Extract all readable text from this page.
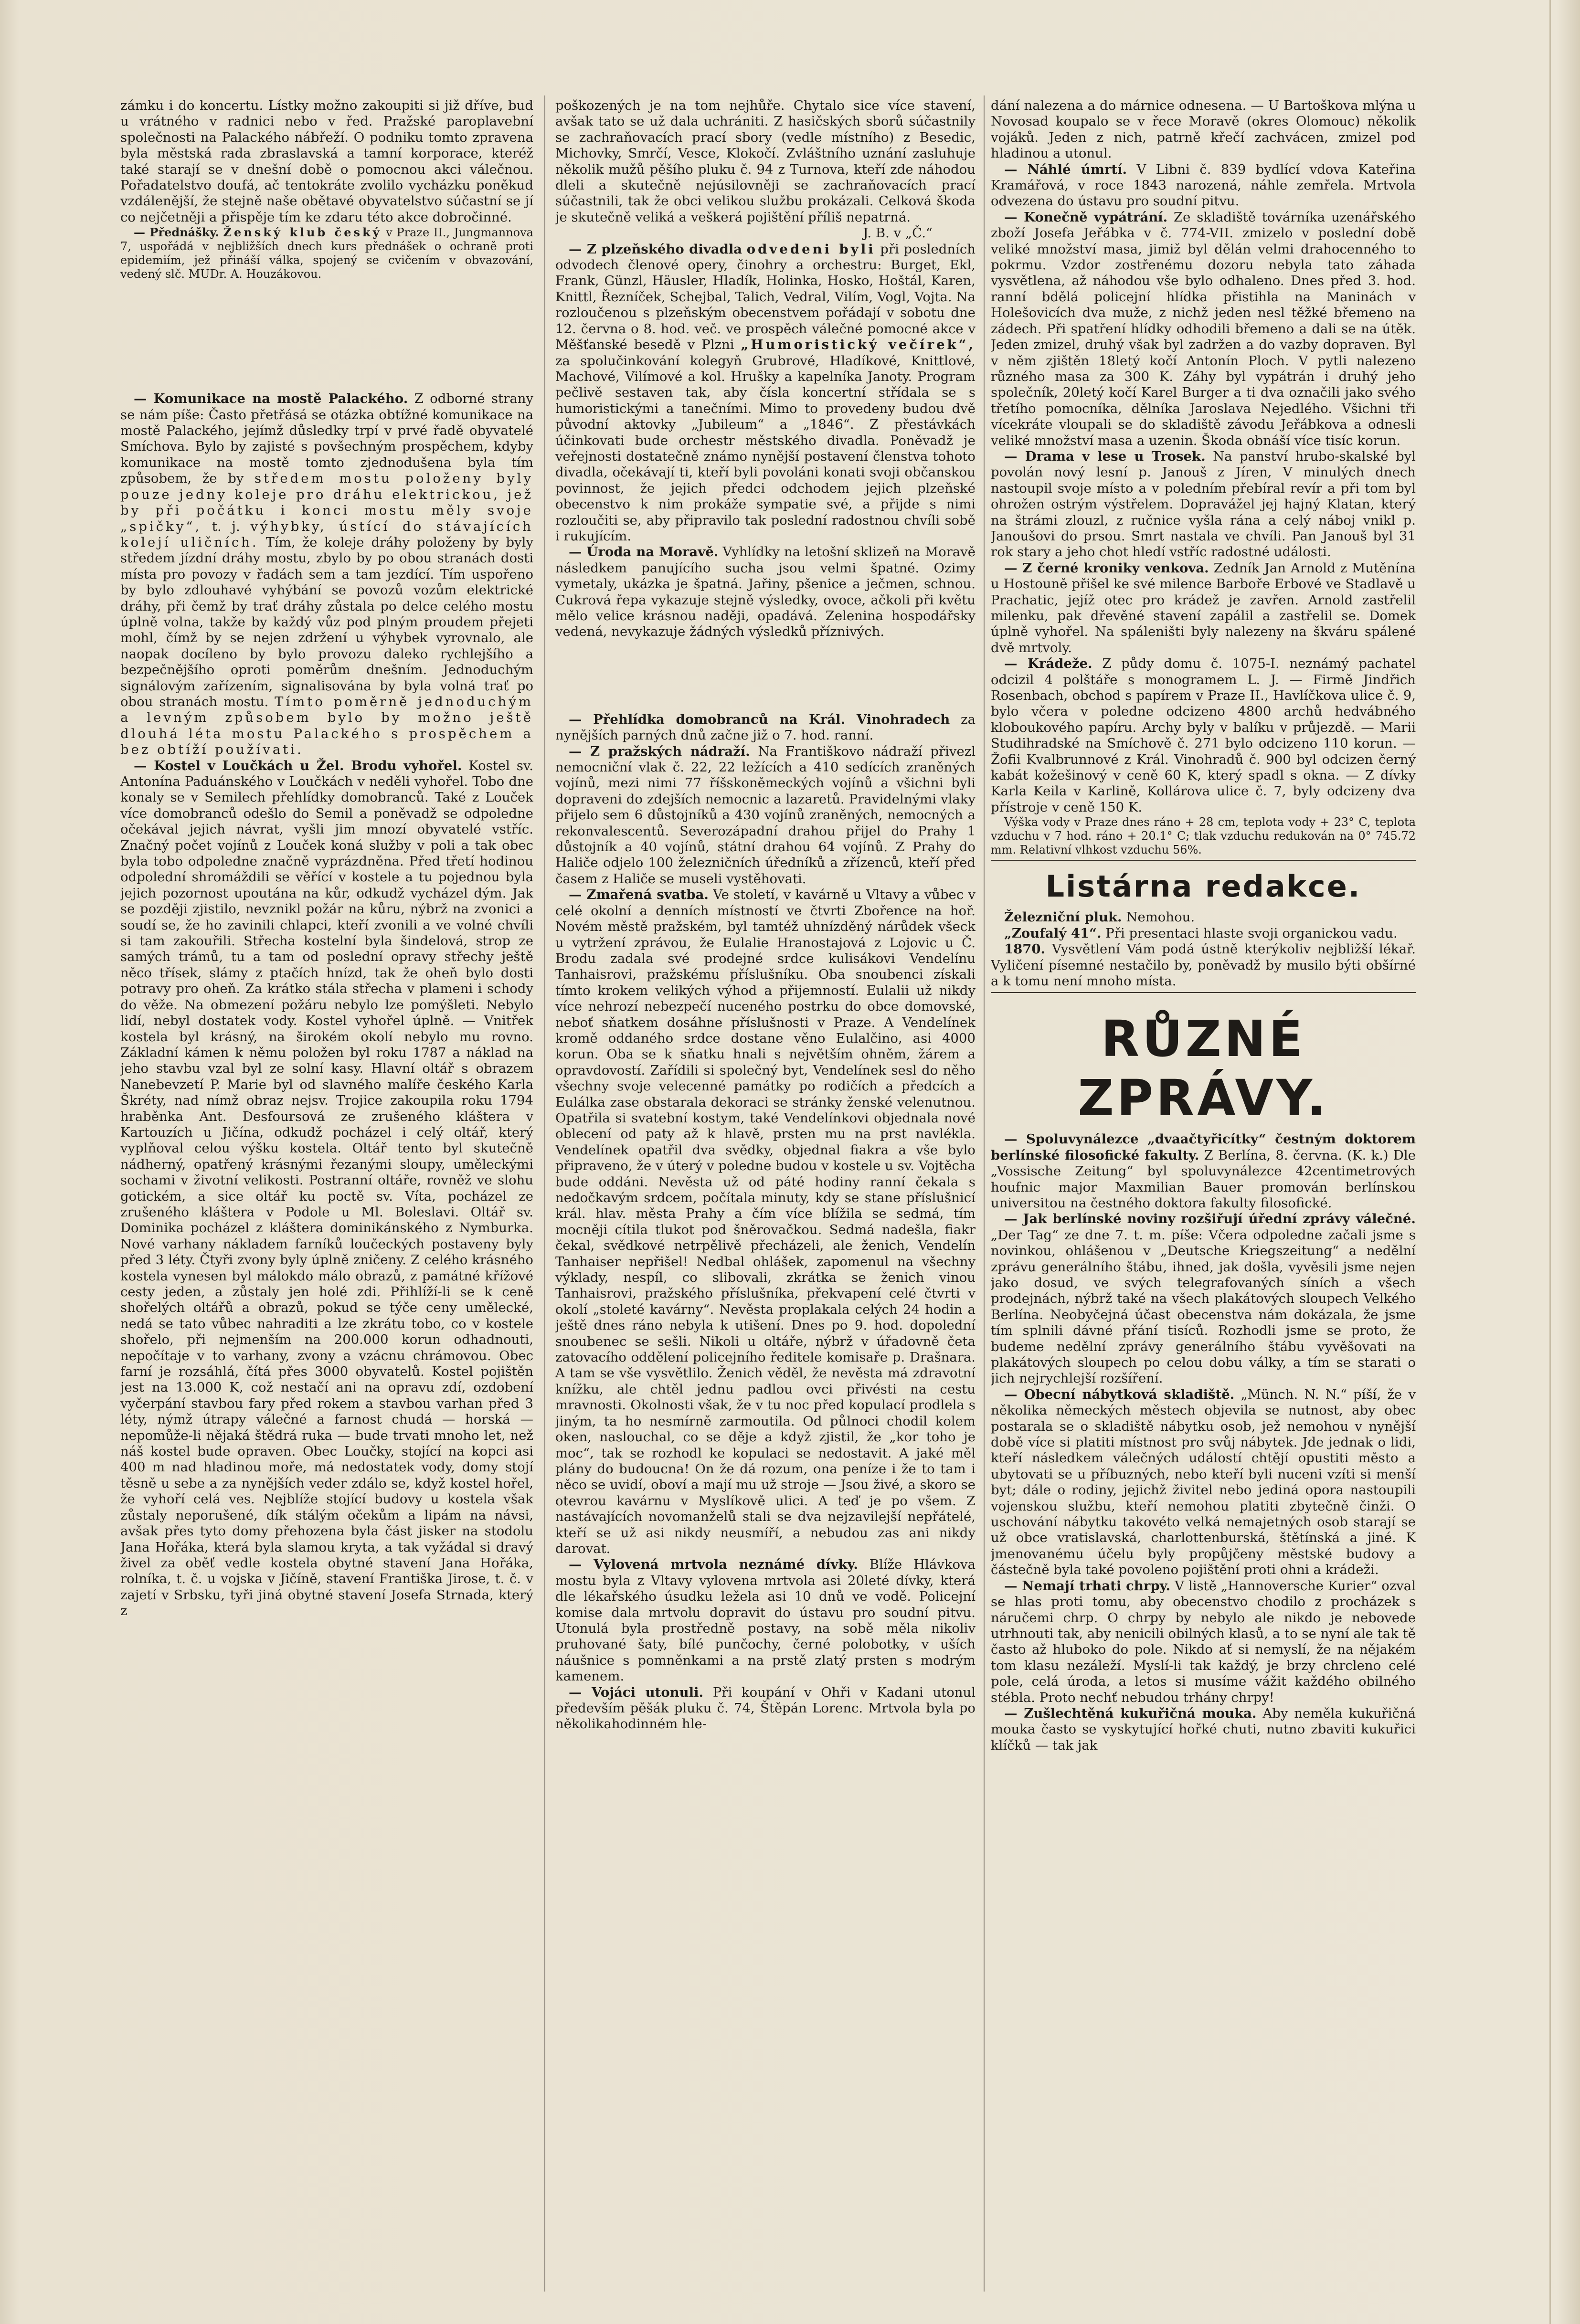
zámku i do koncertu. Lístky možno zakoupiti si již dříve, buď u vrátného v radnici nebo v řed. Pražské paroplavební společnosti na Palackého nábřeží. O podniku tomto zpravena byla městská rada zbraslavská a tamní korporace, kteréž také starají se v dnešní době o pomocnou akci válečnou. Pořadatelstvo doufá, ač tentokráte zvolilo vycházku poněkud vzdálenější, že stejně naše obětavé obyvatelstvo súčastní se jí co nejčetněji a přispěje tím ke zdaru této akce dobročinné.

— Přednášky. Ženský klub český v Praze II., Jungmannova 7, uspořádá v nejbližších dnech kurs přednášek o ochraně proti epidemiím, jež přináší válka, spojený se cvičením v obvazování, vedený slč. MUDr. A. Houzákovou.

— Komunikace na mostě Palackého. Z odborné strany se nám píše: Často přetřásá se otázka obtížné komunikace na mostě Palackého, jejímž důsledky trpí v prvé řadě obyvatelé Smíchova. Bylo by zajisté s povšechným prospěchem, kdyby komunikace na mostě tomto zjednodušena byla tím způsobem, že by středem mostu položeny byly pouze jedny koleje pro dráhu elektrickou, jež by při počátku i konci mostu měly svoje „spičky“, t. j. výhybky, ústící do stávajících kolejí uličních. Tím, že koleje dráhy položeny by byly středem jízdní dráhy mostu, zbylo by po obou stranách dosti místa pro povozy v řadách sem a tam jezdící. Tím uspořeno by bylo zdlouhavé vyhýbání se povozů vozům elektrické dráhy, při čemž by trať dráhy zůstala po delce celého mostu úplně volna, takže by každý vůz pod plným proudem přejeti mohl, čímž by se nejen zdržení u výhybek vyrovnalo, ale naopak docíleno by bylo provozu daleko rychlejšího a bezpečnějšího oproti poměrům dnešním. Jednoduchým signálovým zařízením, signalisována by byla volná trať po obou stranách mostu. Tímto poměrně jednoduchým a levným způsobem bylo by možno ještě dlouhá léta mostu Palackého s prospěchem a bez obtíží používati.

— Kostel v Loučkách u Žel. Brodu vyhořel. Kostel sv. Antonína Paduánského v Loučkách v neděli vyhořel. Tobo dne konaly se v Semilech přehlídky domobranců. Také z Louček více domobranců odešlo do Semil a poněvadž se odpoledne očekával jejich návrat, vyšli jim mnozí obyvatelé vstříc. Značný počet vojínů z Louček koná služby v poli a tak obec byla tobo odpoledne značně vyprázdněna. Před třetí hodinou odpolední shromáždili se věřící v kostele a tu pojednou byla jejich pozornost upoutána na kůr, odkudž vycházel dým. Jak se později zjistilo, nevznikl požár na kůru, nýbrž na zvonici a soudí se, že ho zavinili chlapci, kteří zvonili a ve volné chvíli si tam zakouřili. Střecha kostelní byla šindelová, strop ze samých trámů, tu a tam od poslední opravy střechy ještě něco třísek, slámy z ptačích hnízd, tak že oheň bylo dosti potravy pro oheň. Za krátko stála střecha v plameni i schody do věže. Na obmezení požáru nebylo lze pomýšleti. Nebylo lidí, nebyl dostatek vody. Kostel vyhořel úplně. — Vnitřek kostela byl krásný, na širokém okolí nebylo mu rovno. Základní kámen k němu položen byl roku 1787 a náklad na jeho stavbu vzal byl ze solní kasy. Hlavní oltář s obrazem Nanebevzetí P. Marie byl od slavného malíře českého Karla Škréty, nad nímž obraz nejsv. Trojice zakoupila roku 1794 hraběnka Ant. Desfoursová ze zrušeného kláštera v Kartouzích u Jičína, odkudž pocházel i celý oltář, který vyplňoval celou výšku kostela. Oltář tento byl skutečně nádherný, opatřený krásnými řezanými sloupy, uměleckými sochami v životní velikosti. Postranní oltáře, rovněž ve slohu gotickém, a sice oltář ku poctě sv. Víta, pocházel ze zrušeného kláštera v Podole u Ml. Boleslavi. Oltář sv. Dominika pocházel z kláštera dominikánského z Nymburka. Nové varhany nákladem farníků loučeckých postaveny byly před 3 léty. Čtyři zvony byly úplně zničeny. Z celého krásného kostela vynesen byl málokdo málo obrazů, z památné křížové cesty jeden, a zůstaly jen holé zdi. Přihlíží-li se k ceně shořelých oltářů a obrazů, pokud se týče ceny umělecké, nedá se tato vůbec nahraditi a lze zkrátu tobo, co v kostele shořelo, při nejmenším na 200.000 korun odhadnouti, nepočítaje v to varhany, zvony a vzácnu chrámovou. Obec farní je rozsáhlá, čítá přes 3000 obyvatelů. Kostel pojištěn jest na 13.000 K, což nestačí ani na opravu zdí, ozdobení vyčerpání stavbou fary před rokem a stavbou varhan před 3 léty, nýmž útrapy válečné a farnost chudá — horská — nepomůže-li nějaká štědrá ruka — bude trvati mnoho let, než náš kostel bude opraven. Obec Loučky, stojící na kopci asi 400 m nad hladinou moře, má nedostatek vody, domy stojí těsně u sebe a za nynějších veder zdálo se, když kostel hořel, že vyhoří celá ves. Nejblíže stojící budovy u kostela však zůstaly neporušené, dík stálým očekům a lipám na návsi, avšak přes tyto domy přehozena byla část jisker na stodolu Jana Hořáka, která byla slamou kryta, a tak vyžádal si dravý živel za oběť vedle kostela obytné stavení Jana Hořáka, rolníka, t. č. u vojska v Jičíně, stavení Františka Jirose, t. č. v zajetí v Srbsku, tyři jiná obytné stavení Josefa Strnada, který z

poškozených je na tom nejhůře. Chytalo sice více stavení, avšak tato se už dala uchrániti. Z hasičských sborů súčastnily se zachraňovacích prací sbory (vedle místního) z Besedic, Michovky, Smrčí, Vesce, Klokočí. Zvláštního uznání zasluhuje několik mužů pěšího pluku č. 94 z Turnova, kteří zde náhodou dleli a skutečně nejúsilovněji se zachraňovacích prací súčastnili, tak že obci velikou službu prokázali. Celková škoda je skutečně veliká a veškerá pojištění příliš nepatrná.

J. B. v „Č.“

— Z plzeňského divadla odvedeni byli při posledních odvodech členové opery, činohry a orchestru: Burget, Ekl, Frank, Günzl, Häusler, Hladík, Holinka, Hosko, Hoštál, Karen, Knittl, Řezníček, Schejbal, Talich, Vedral, Vilím, Vogl, Vojta. Na rozloučenou s plzeňským obecenstvem pořádají v sobotu dne 12. června o 8. hod. več. ve prospěch válečné pomocné akce v Měšťanské besedě v Plzni „Humoristický večírek“, za spolučinkování kolegyň Grubrové, Hladíkové, Knittlové, Machové, Vilímové a kol. Hrušky a kapelníka Janoty. Program pečlivě sestaven tak, aby čísla koncertní střídala se s humoristickými a tanečními. Mimo to provedeny budou dvě původní aktovky „Jubileum“ a „1846“. Z přestávkách účinkovati bude orchestr městského divadla. Poněvadž je veřejnosti dostatečně známo nynější postavení členstva tohoto divadla, očekávají ti, kteří byli povoláni konati svoji občanskou povinnost, že jejich předci odchodem jejich plzeňské obecenstvo k nim prokáže sympatie své, a přijde s nimi rozloučiti se, aby připravilo tak poslední radostnou chvíli sobě i rukujícím.

— Úroda na Moravě. Vyhlídky na letošní sklizeň na Moravě následkem panujícího sucha jsou velmi špatné. Ozimy vymetaly, ukázka je špatná. Jařiny, pšenice a ječmen, schnou. Cukrová řepa vykazuje stejně výsledky, ovoce, ačkoli při květu mělo velice krásnou naději, opadává. Zelenina hospodářsky vedená, nevykazuje žádných výsledků příznivých.

— Přehlídka domobranců na Král. Vinohradech za nynějších parných dnů začne již o 7. hod. ranní.

— Z pražských nádraží. Na Františkovo nádraží přivezl nemocniční vlak č. 22, 22 ležících a 410 sedících zraněných vojínů, mezi nimi 77 říšskoněmeckých vojínů a všichni byli dopraveni do zdejších nemocnic a lazaretů. Pravidelnými vlaky přijelo sem 6 důstojníků a 430 vojínů zraněných, nemocných a rekonvalescentů. Severozápadní drahou přijel do Prahy 1 důstojník a 40 vojínů, státní drahou 64 vojínů. Z Prahy do Haliče odjelo 100 železničních úředníků a zřízenců, kteří před časem z Haliče se museli vystěhovati.

— Zmařená svatba. Ve století, v kavárně u Vltavy a vůbec v celé okolní a denních místností ve čtvrti Zbořence na hoř. Novém městě pražském, byl tamtéž uhnízděný nárůdek všeck u vytržení zprávou, že Eulalie Hranostajová z Lojovic u Č. Brodu zadala své prodejné srdce kulisákovi Vendelínu Tanhaisrovi, pražskému příslušníku. Oba snoubenci získali tímto krokem velikých výhod a přijemností. Eulalii už nikdy více nehrozí nebezpečí nuceného postrku do obce domovské, neboť sňatkem dosáhne příslušnosti v Praze. A Vendelínek kromě oddaného srdce dostane věno Eulalčino, asi 4000 korun. Oba se k sňatku hnali s největším ohněm, žárem a opravdovostí. Zařídili si společný byt, Vendelínek sesl do něho všechny svoje velecenné památky po rodičích a předcích a Eulálka zase obstarala dekoraci se stránky ženské velenutnou. Opatřila si svatební kostym, také Vendelínkovi objednala nové oblecení od paty až k hlavě, prsten mu na prst navlékla. Vendelínek opatřil dva svědky, objednal fiakra a vše bylo připraveno, že v úterý v poledne budou v kostele u sv. Vojtěcha bude oddáni. Nevěsta už od páté hodiny ranní čekala s nedočkavým srdcem, počítala minuty, kdy se stane příslušnicí král. hlav. města Prahy a čím více blížila se sedmá, tím mocněji cítila tlukot pod šněrovačkou. Sedmá nadešla, fiakr čekal, svědkové netrpělivě přecházeli, ale ženich, Vendelín Tanhaiser nepřišel! Nedbal ohlášek, zapomenul na všechny výklady, nespíl, co slibovali, zkrátka se ženich vinou Tanhaisrovi, pražského příslušníka, překvapení celé čtvrti v okolí „stoleté kavárny“. Nevěsta proplakala celých 24 hodin a ještě dnes ráno nebyla k utišení. Dnes po 9. hod. dopolední snoubenec se sešli. Nikoli u oltáře, nýbrž v úřadovně četa zatovacího oddělení policejního ředitele komisaře p. Drašnara. A tam se vše vysvětlilo. Ženich věděl, že nevěsta má zdravotní knížku, ale chtěl jednu padlou ovci přivésti na cestu mravnosti. Okolnosti však, že v tu noc před kopulací prodlela s jiným, ta ho nesmírně zarmoutila. Od půlnoci chodil kolem oken, naslouchal, co se děje a když zjistil, že „kor toho je moc“, tak se rozhodl ke kopulaci se nedostavit. A jaké měl plány do budoucna! On že dá rozum, ona peníze i že to tam i něco se uvidí, oboví a mají mu už stroje — Jsou živé, a skoro se otevrou kavárnu v Myslíkově ulici. A teď je po všem. Z nastávajících novomanželů stali se dva nejzavilejší nepřátelé, kteří se už asi nikdy neusmíří, a nebudou zas ani nikdy darovat.

— Vylovená mrtvola neznámé dívky. Blíže Hlávkova mostu byla z Vltavy vylovena mrtvola asi 20leté dívky, která dle lékařského úsudku ležela asi 10 dnů ve vodě. Policejní komise dala mrtvolu dopravit do ústavu pro soudní pitvu. Utonulá byla prostředně postavy, na sobě měla nikoliv pruhované šaty, bílé punčochy, černé polobotky, v uších náušnice s pomněnkami a na prstě zlatý prsten s modrým kamenem.

— Vojáci utonuli. Při koupání v Ohři v Kadani utonul především pěšák pluku č. 74, Štěpán Lorenc. Mrtvola byla po několikahodinném hle-

dání nalezena a do márnice odnesena. — U Bartoškova mlýna u Novosad koupalo se v řece Moravě (okres Olomouc) několik vojáků. Jeden z nich, patrně křečí zachvácen, zmizel pod hladinou a utonul.

— Náhlé úmrtí. V Libni č. 839 bydlící vdova Kateřina Kramářová, v roce 1843 narozená, náhle zemřela. Mrtvola odvezena do ústavu pro soudní pitvu.

— Konečně vypátrání. Ze skladiště továrníka uzenářského zboží Josefa Jeřábka v č. 774-VII. zmizelo v poslední době veliké množství masa, jimiž byl dělán velmi drahocenného to pokrmu. Vzdor zostřenému dozoru nebyla tato záhada vysvětlena, až náhodou vše bylo odhaleno. Dnes před 3. hod. ranní bdělá policejní hlídka přistihla na Maninách v Holešovicích dva muže, z nichž jeden nesl těžké břemeno na zádech. Při spatření hlídky odhodili břemeno a dali se na útěk. Jeden zmizel, druhý však byl zadržen a do vazby dopraven. Byl v něm zjištěn 18letý kočí Antonín Ploch. V pytli nalezeno různého masa za 300 K. Záhy byl vypátrán i druhý jeho společník, 20letý kočí Karel Burger a ti dva označili jako svého třetího pomocníka, dělníka Jaroslava Nejedlého. Všichni tři vícekráte vloupali se do skladiště závodu Jeřábkova a odnesli veliké množství masa a uzenin. Škoda obnáší více tisíc korun.

— Drama v lese u Trosek. Na panství hrubo-skalské byl povolán nový lesní p. Janouš z Jíren, V minulých dnech nastoupil svoje místo a v poledním přebíral revír a při tom byl ohrožen ostrým výstřelem. Dopravážel jej hajný Klatan, který na štrámi zlouzl, z ručnice vyšla rána a celý náboj vnikl p. Janoušovi do prsou. Smrt nastala ve chvíli. Pan Janouš byl 31 rok stary a jeho chot hledí vstříc radostné události.

— Z černé kroniky venkova. Zedník Jan Arnold z Mutěnína u Hostouně přišel ke své milence Barboře Erbové ve Stadlavě u Prachatic, jejíž otec pro krádež je zavřen. Arnold zastřelil milenku, pak dřevěné stavení zapálil a zastřelil se. Domek úplně vyhořel. Na spáleništi byly nalezeny na škváru spálené dvě mrtvoly.

— Krádeže. Z půdy domu č. 1075-I. neznámý pachatel odcizil 4 polštáře s monogramem L. J. — Firmě Jindřich Rosenbach, obchod s papírem v Praze II., Havlíčkova ulice č. 9, bylo včera v poledne odcizeno 4800 archů hedvábného kloboukového papíru. Archy byly v balíku v průjezdě. — Marii Studihradské na Smíchově č. 271 bylo odcizeno 110 korun. — Žofii Kvalbrunnové z Král. Vinohradů č. 900 byl odcizen černý kabát kožešinový v ceně 60 K, který spadl s okna. — Z dívky Karla Keila v Karlině, Kollárova ulice č. 7, byly odcizeny dva přístroje v ceně 150 K.

Výška vody v Praze dnes ráno + 28 cm, teplota vody + 23° C, teplota vzduchu v 7 hod. ráno + 20.1° C; tlak vzduchu redukován na 0° 745.72 mm. Relativní vlhkost vzduchu 56%.

Listárna redakce.

Železniční pluk. Nemohou.

„Zoufalý 41“. Při presentaci hlaste svoji organickou vadu.

1870. Vysvětlení Vám podá ústně kterýkoliv nejbližší lékař. Vyličení písemné nestačilo by, poněvadž by musilo býti obšírné a k tomu není mnoho místa.

RŮZNÉ ZPRÁVY.

— Spoluvynálezce „dvaačtyřicítky“ čestným doktorem berlínské filosofické fakulty. Z Berlína, 8. června. (K. k.) Dle „Vossische Zeitung“ byl spoluvynálezce 42centimetrových houfnic major Maxmilian Bauer promován berlínskou universitou na čestného doktora fakulty filosofické.

— Jak berlínské noviny rozšiřují úřední zprávy válečné. „Der Tag“ ze dne 7. t. m. píše: Včera odpoledne začali jsme s novinkou, ohlášenou v „Deutsche Kriegszeitung“ a nedělní zprávu generálního štábu, ihned, jak došla, vyvěsili jsme nejen jako dosud, ve svých telegrafovaných síních a všech prodejnách, nýbrž také na všech plakátových sloupech Velkého Berlína. Neobyčejná účast obecenstva nám dokázala, že jsme tím splnili dávné přání tisíců. Rozhodli jsme se proto, že budeme nedělní zprávy generálního štábu vyvěšovati na plakátových sloupech po celou dobu války, a tím se starati o jich nejrychlejší rozšíření.

— Obecní nábytková skladiště. „Münch. N. N.“ píší, že v několika německých městech objevila se nutnost, aby obec postarala se o skladiště nábytku osob, jež nemohou v nynější době více si platiti místnost pro svůj nábytek. Jde jednak o lidi, kteří následkem válečných událostí chtějí opustiti město a ubytovati se u příbuzných, nebo kteří byli nuceni vzíti si menší byt; dále o rodiny, jejichž živitel nebo jediná opora nastoupili vojenskou službu, kteří nemohou platiti zbytečně činži. O uschování nábytku takovéto velká nemajetných osob starají se už obce vratislavská, charlottenburská, štětínská a jiné. K jmenovanému účelu byly propůjčeny městské budovy a částečně byla také povoleno pojištění proti ohni a krádeži.

— Nemají trhati chrpy. V listě „Hannoversche Kurier“ ozval se hlas proti tomu, aby obecenstvo chodilo z procházek s náručemi chrp. O chrpy by nebylo ale nikdo je nebovede utrhnouti tak, aby nenicili obilných klasů, a to se nyní ale tak tě často až hluboko do pole. Nikdo ať si nemyslí, že na nějakém tom klasu nezáleží. Myslí-li tak každý, je brzy chrcleno celé pole, celá úroda, a letos si musíme vážit každého obilného stébla. Proto nechť nebudou trhány chrpy!

— Zušlechtěná kukuřičná mouka. Aby neměla kukuřičná mouka často se vyskytující hořké chuti, nutno zbaviti kukuřici klíčků — tak jak
